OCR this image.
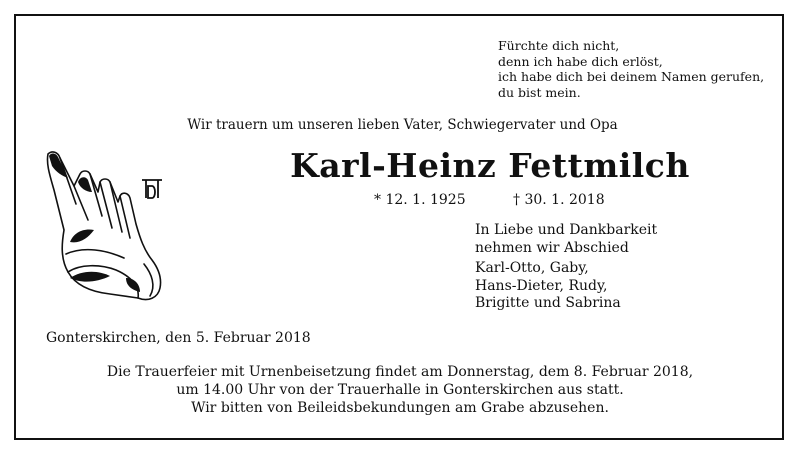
Fürchte dich nicht,
denn ich habe dich erlöst,
ich habe dich bei deinem Namen gerufen,
du bist mein.
Wir trauern um unseren lieben Vater, Schwiegervater und Opa
Karl-Heinz Fettmilch
* 12. 1. 1925	† 30. 1. 2018
In Liebe und Dankbarkeit
nehmen wir Abschied
Karl-Otto, Gaby,
Hans-Dieter, Rudy,
Brigitte und Sabrina
Gonterskirchen, den 5. Februar 2018
Die Trauerfeier mit Urnenbeisetzung findet am Donnerstag, dem 8. Februar 2018,
um 14.00 Uhr von der Trauerhalle in Gonterskirchen aus statt.
Wir bitten von Beileidsbekundungen am Grabe abzusehen.
